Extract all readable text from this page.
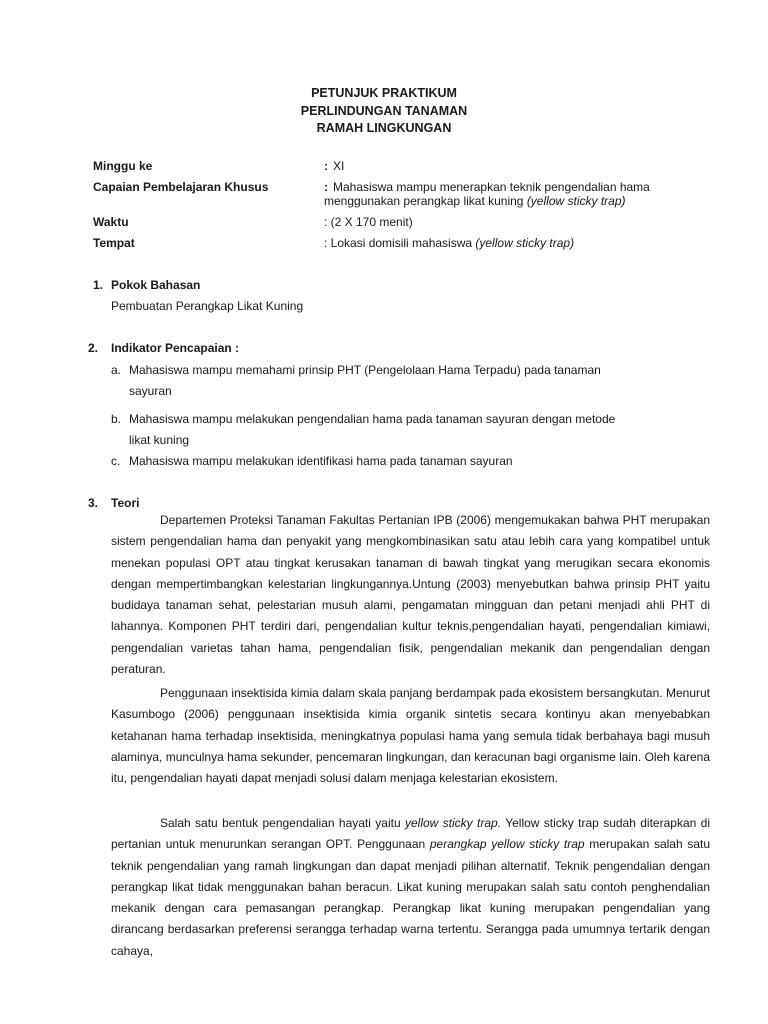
PETUNJUK PRAKTIKUM
PERLINDUNGAN TANAMAN
RAMAH LINGKUNGAN
Minggu ke	: XI
Capaian Pembelajaran Khusus	: Mahasiswa mampu menerapkan teknik pengendalian hama
menggunakan perangkap likat kuning (yellow sticky trap)
Waktu	: (2 X 170 menit)
Tempat	: Lokasi domisili mahasiswa (yellow sticky trap)
1. Pokok Bahasan
Pembuatan Perangkap Likat Kuning
2. Indikator Pencapaian :
a. Mahasiswa mampu memahami prinsip PHT (Pengelolaan Hama Terpadu) pada tanaman
sayuran
b. Mahasiswa mampu melakukan pengendalian hama pada tanaman sayuran dengan metode
likat kuning
c. Mahasiswa mampu melakukan identifikasi hama pada tanaman sayuran
3. Teori

Departemen Proteksi Tanaman Fakultas Pertanian IPB (2006) mengemukakan bahwa PHT merupakan sistem pengendalian hama dan penyakit yang mengkombinasikan satu atau lebih cara yang kompatibel untuk menekan populasi OPT atau tingkat kerusakan tanaman di bawah tingkat yang merugikan secara ekonomis dengan mempertimbangkan kelestarian lingkungannya.Untung (2003) menyebutkan bahwa prinsip PHT yaitu budidaya tanaman sehat, pelestarian musuh alami, pengamatan mingguan dan petani menjadi ahli PHT di lahannya. Komponen PHT terdiri dari, pengendalian kultur teknis,pengendalian hayati, pengendalian kimiawi, pengendalian varietas tahan hama, pengendalian fisik, pengendalian mekanik dan pengendalian dengan peraturan.

Penggunaan insektisida kimia dalam skala panjang berdampak pada ekosistem bersangkutan. Menurut Kasumbogo (2006) penggunaan insektisida kimia organik sintetis secara kontinyu akan menyebabkan ketahanan hama terhadap insektisida, meningkatnya populasi hama yang semula tidak berbahaya bagi musuh alaminya, munculnya hama sekunder, pencemaran lingkungan, dan keracunan bagi organisme lain. Oleh karena itu, pengendalian hayati dapat menjadi solusi dalam menjaga kelestarian ekosistem.

Salah satu bentuk pengendalian hayati yaitu yellow sticky trap. Yellow sticky trap sudah diterapkan di pertanian untuk menurunkan serangan OPT. Penggunaan perangkap yellow sticky trap merupakan salah satu teknik pengendalian yang ramah lingkungan dan dapat menjadi pilihan alternatif. Teknik pengendalian dengan perangkap likat tidak menggunakan bahan beracun. Likat kuning merupakan salah satu contoh penghendalian mekanik dengan cara pemasangan perangkap. Perangkap likat kuning merupakan pengendalian yang dirancang berdasarkan preferensi serangga terhadap warna tertentu. Serangga pada umumnya tertarik dengan cahaya,
